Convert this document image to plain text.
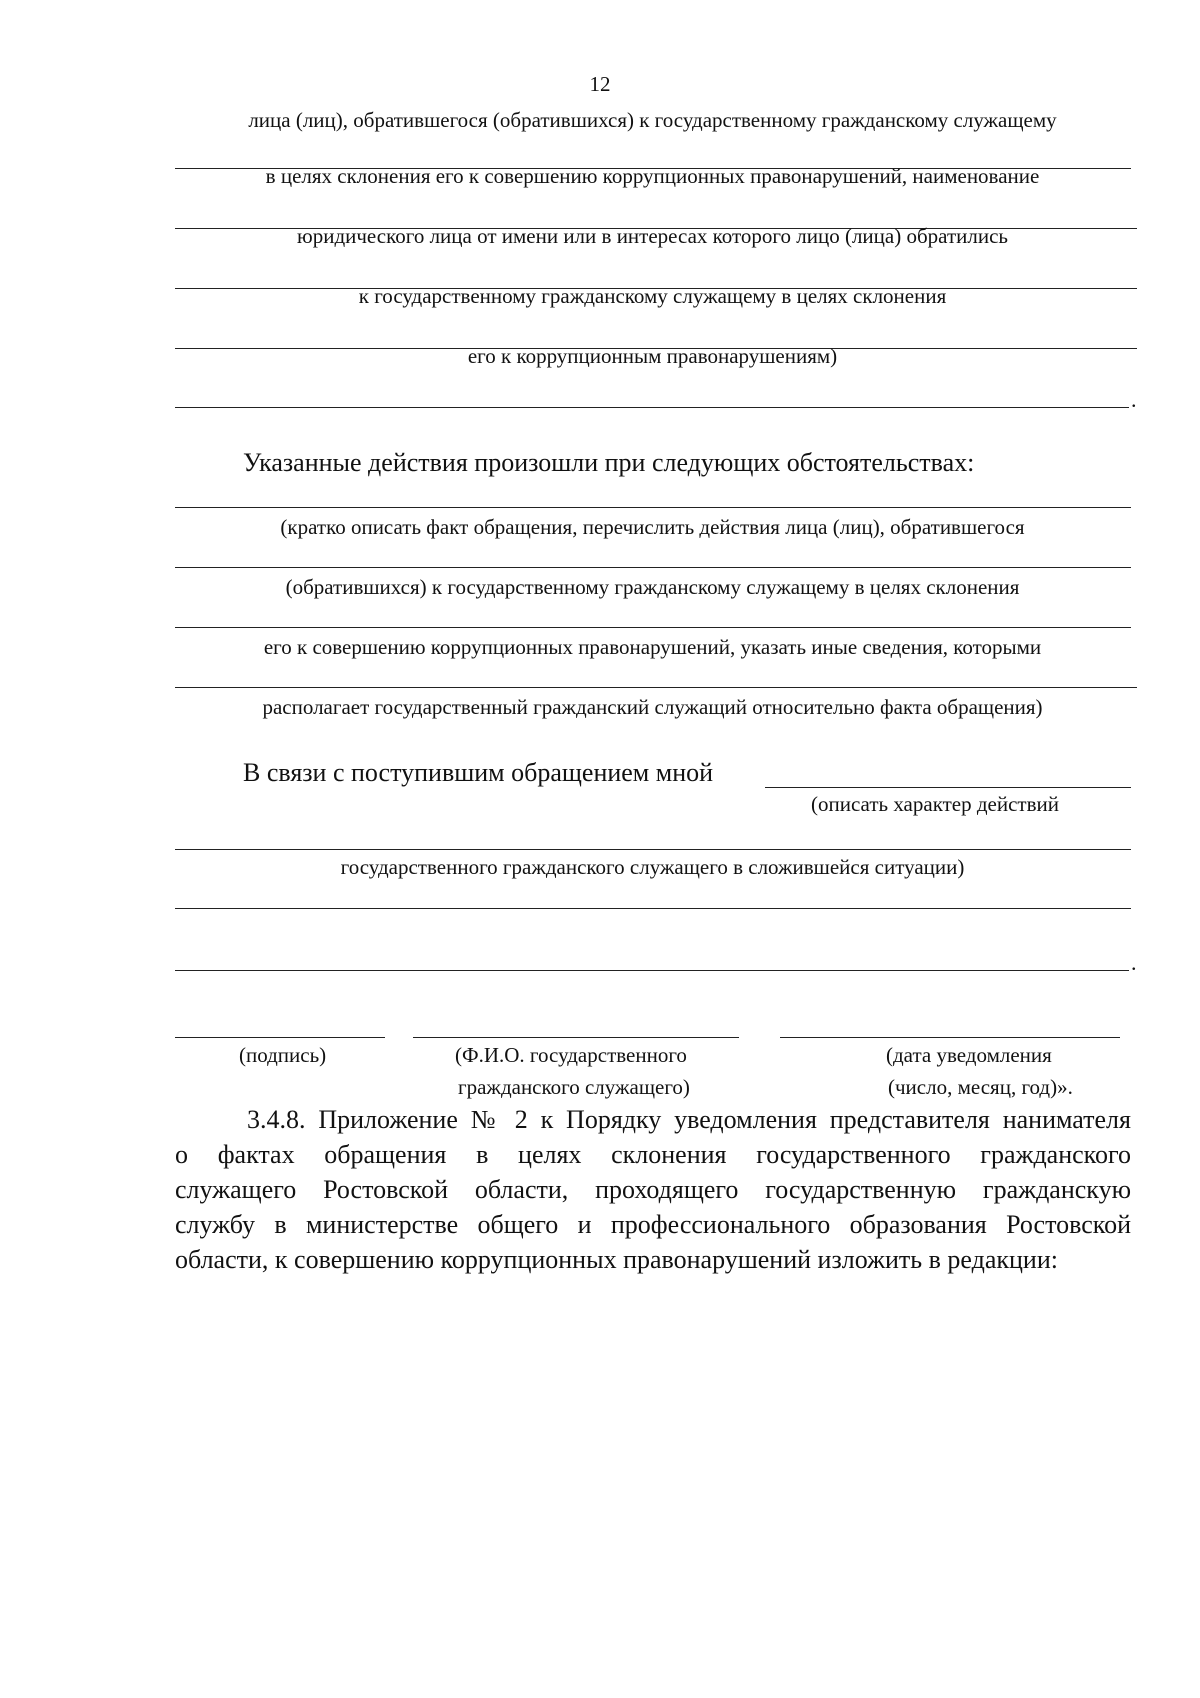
12
лица (лиц), обратившегося (обратившихся) к государственному гражданскому служащему
в целях склонения его к совершению коррупционных правонарушений, наименование
юридического лица от имени или в интересах которого лицо (лица) обратились
к государственному гражданскому служащему в целях склонения
его к коррупционным правонарушениям)
.
Указанные действия произошли при следующих обстоятельствах:
(кратко описать факт обращения, перечислить действия лица (лиц), обратившегося
(обратившихся) к государственному гражданскому служащему в целях склонения
его к совершению коррупционных правонарушений, указать иные сведения, которыми
располагает государственный гражданский служащий относительно факта обращения)
В связи с поступившим обращением мной
(описать характер действий
государственного гражданского служащего в сложившейся ситуации)
.
(подпись)	(Ф.И.О. государственного
гражданского служащего)
(дата уведомления
(число, месяц, год)».
3.4.8. Приложение № 2 к Порядку уведомления представителя нанимателя
о фактах обращения в целях склонения государственного гражданского
служащего Ростовской области, проходящего государственную гражданскую
службу в министерстве общего и профессионального образования Ростовской
области, к совершению коррупционных правонарушений изложить в редакции:
